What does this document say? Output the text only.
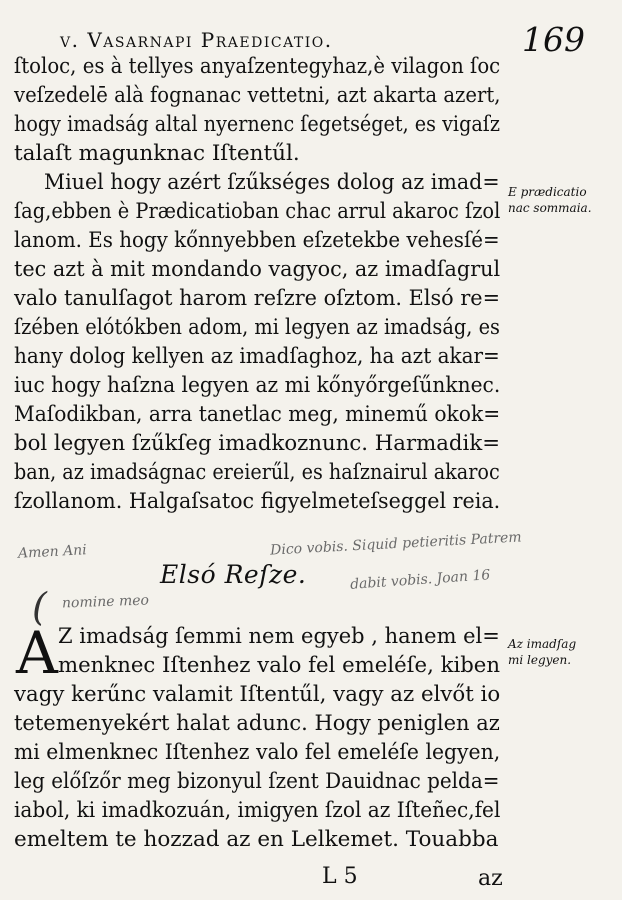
v. Vasarnapi Praedicatio.	169
ſtoloc, es à tellyes anyaſzentegyhaz,è vilagon ſoc
veſzedelē alà fognanac vettetni, azt akarta azert,
hogy imadság altal nyernenc ſegetséget, es vigaſz
talaſt magunknac Iſtentűl.
Miuel hogy azért ſzűkséges dolog az imad=
ſag,ebben è Prædicatioban chac arrul akaroc ſzol
lanom. Es hogy kőnnyebben eſzetekbe vehesſé=
tec azt à mit mondando vagyoc, az imadſagrul
valo tanulſagot harom reſzre oſztom. Elsó re=
ſzében elótókben adom, mi legyen az imadság, es
hany dolog kellyen az imadſaghoz, ha azt akar=
iuc hogy haſzna legyen az mi kőnyőrgeſűnknec.
Maſodikban, arra tanetlac meg, minemű okok=
bol legyen ſzűkſeg imadkoznunc. Harmadik=
ban, az imadságnac ereierűl, es haſznairul akaroc
ſzollanom. Halgaſsatoc figyelmeteſseggel reia.
E prædicatio
nac sommaia.
Amen Ani	Dico vobis. Siquid petieritis Patrem
( nomine meo
dabit vobis. Joan 16
Elsó Reſze.
A Z imadság ſemmi nem egyeb , hanem el=
menknec Iſtenhez valo fel emeléſe, kiben
vagy kerűnc valamit Iſtentűl, vagy az elvőt io
tetemenyekért halat adunc. Hogy peniglen az
mi elmenknec Iſtenhez valo fel emeléſe legyen,
leg előſzőr meg bizonyul ſzent Dauidnac pelda=
iabol, ki imadkozuán, imigyen ſzol az Iſteñec,fel
emeltem te hozzad az en Lelkemet. Touabba
Az imadſag
mi legyen.
L 5	az
